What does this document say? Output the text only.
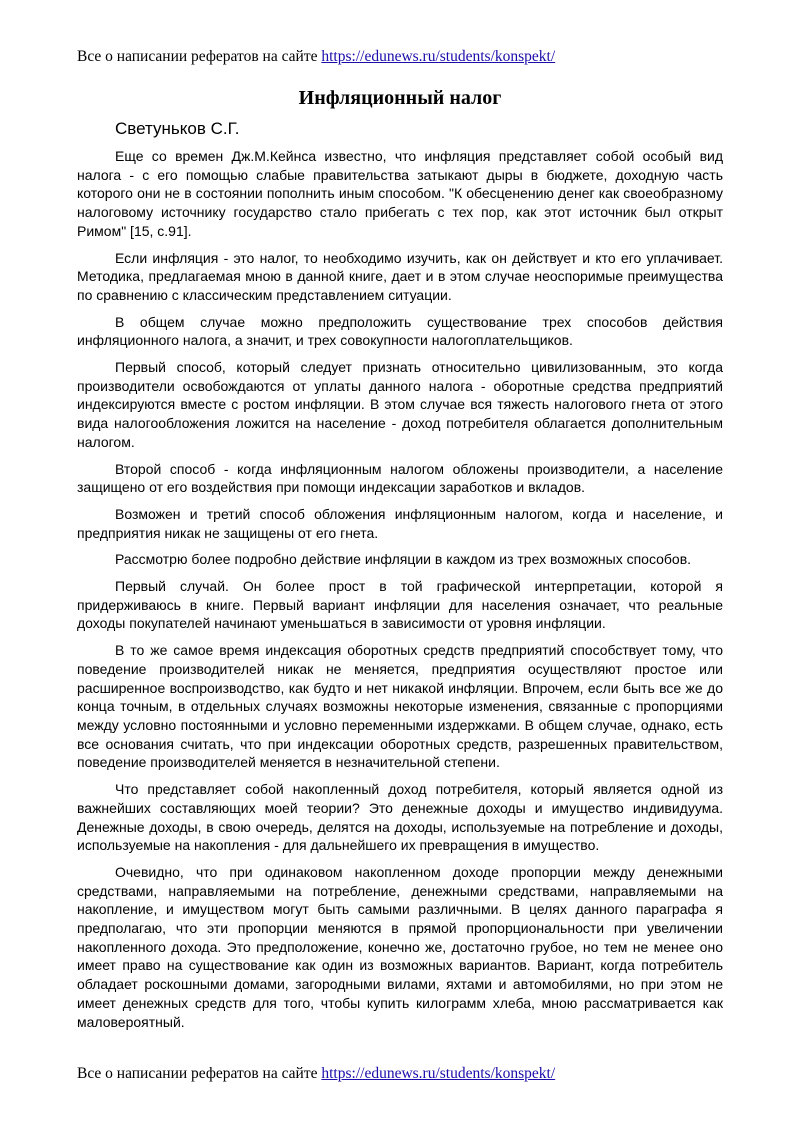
Все о написании рефератов на сайте https://edunews.ru/students/konspekt/
Инфляционный налог
Светуньков С.Г.

Еще со времен Дж.М.Кейнса известно, что инфляция представляет собой особый вид налога - с его помощью слабые правительства затыкают дыры в бюджете, доходную часть которого они не в состоянии пополнить иным способом. "К обесценению денег как своеобразному налоговому источнику государство стало прибегать с тех пор, как этот источник был открыт Римом" [15, с.91].

Если инфляция - это налог, то необходимо изучить, как он действует и кто его уплачивает. Методика, предлагаемая мною в данной книге, дает и в этом случае неоспоримые преимущества по сравнению с классическим представлением ситуации.

В общем случае можно предположить существование трех способов действия инфляционного налога, а значит, и трех совокупности налогоплательщиков.

Первый способ, который следует признать относительно цивилизованным, это когда производители освобождаются от уплаты данного налога - оборотные средства предприятий индексируются вместе с ростом инфляции. В этом случае вся тяжесть налогового гнета от этого вида налогообложения ложится на население - доход потребителя облагается дополнительным налогом.

Второй способ - когда инфляционным налогом обложены производители, а население защищено от его воздействия при помощи индексации заработков и вкладов.

Возможен и третий способ обложения инфляционным налогом, когда и население, и предприятия никак не защищены от его гнета.

Рассмотрю более подробно действие инфляции в каждом из трех возможных способов.

Первый случай. Он более прост в той графической интерпретации, которой я придерживаюсь в книге. Первый вариант инфляции для населения означает, что реальные доходы покупателей начинают уменьшаться в зависимости от уровня инфляции.

В то же самое время индексация оборотных средств предприятий способствует тому, что поведение производителей никак не меняется, предприятия осуществляют простое или расширенное воспроизводство, как будто и нет никакой инфляции. Впрочем, если быть все же до конца точным, в отдельных случаях возможны некоторые изменения, связанные с пропорциями между условно постоянными и условно переменными издержками. В общем случае, однако, есть все основания считать, что при индексации оборотных средств, разрешенных правительством, поведение производителей меняется в незначительной степени.

Что представляет собой накопленный доход потребителя, который является одной из важнейших составляющих моей теории? Это денежные доходы и имущество индивидуума. Денежные доходы, в свою очередь, делятся на доходы, используемые на потребление и доходы, используемые на накопления - для дальнейшего их превращения в имущество.

Очевидно, что при одинаковом накопленном доходе пропорции между денежными средствами, направляемыми на потребление, денежными средствами, направляемыми на накопление, и имуществом могут быть самыми различными. В целях данного параграфа я предполагаю, что эти пропорции меняются в прямой пропорциональности при увеличении накопленного дохода. Это предположение, конечно же, достаточно грубое, но тем не менее оно имеет право на существование как один из возможных вариантов. Вариант, когда потребитель обладает роскошными домами, загородными вилами, яхтами и автомобилями, но при этом не имеет денежных средств для того, чтобы купить килограмм хлеба, мною рассматривается как маловероятный.

Все о написании рефератов на сайте https://edunews.ru/students/konspekt/
